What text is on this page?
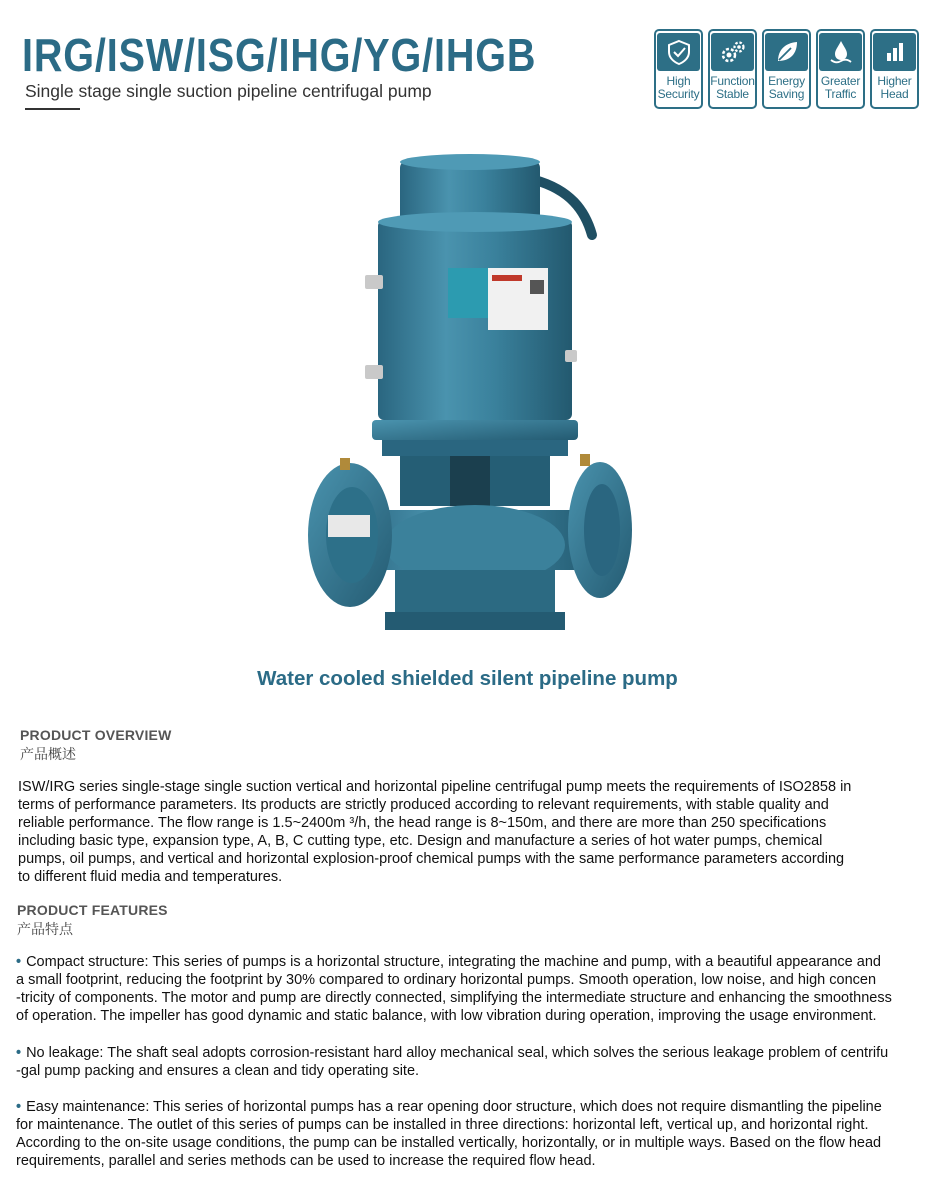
IRG/ISW/ISG/IHG/YG/IHGB
Single stage single suction pipeline centrifugal pump	High
Security
Function
Stable
Energy
Saving
Greater
Traffic
Higher
Head
Water cooled shielded silent pipeline pump
PRODUCT OVERVIEW
产品概述
ISW/IRG series single-stage single suction vertical and horizontal pipeline centrifugal pump meets the requirements of ISO2858 in
terms of performance parameters. Its products are strictly produced according to relevant requirements, with stable quality and
reliable performance. The flow range is 1.5~2400m ³/h, the head range is 8~150m, and there are more than 250 specifications
including basic type, expansion type, A, B, C cutting type, etc. Design and manufacture a series of hot water pumps, chemical
pumps, oil pumps, and vertical and horizontal explosion-proof chemical pumps with the same performance parameters according
to different fluid media and temperatures.
PRODUCT FEATURES
产品特点
• Compact structure: This series of pumps is a horizontal structure, integrating the machine and pump, with a beautiful appearance and
a small footprint, reducing the footprint by 30% compared to ordinary horizontal pumps. Smooth operation, low noise, and high concen
-tricity of components. The motor and pump are directly connected, simplifying the intermediate structure and enhancing the smoothness
of operation. The impeller has good dynamic and static balance, with low vibration during operation, improving the usage environment.
• No leakage: The shaft seal adopts corrosion-resistant hard alloy mechanical seal, which solves the serious leakage problem of centrifu
-gal pump packing and ensures a clean and tidy operating site.
• Easy maintenance: This series of horizontal pumps has a rear opening door structure, which does not require dismantling the pipeline
for maintenance. The outlet of this series of pumps can be installed in three directions: horizontal left, vertical up, and horizontal right.
According to the on-site usage conditions, the pump can be installed vertically, horizontally, or in multiple ways. Based on the flow head
requirements, parallel and series methods can be used to increase the required flow head.
